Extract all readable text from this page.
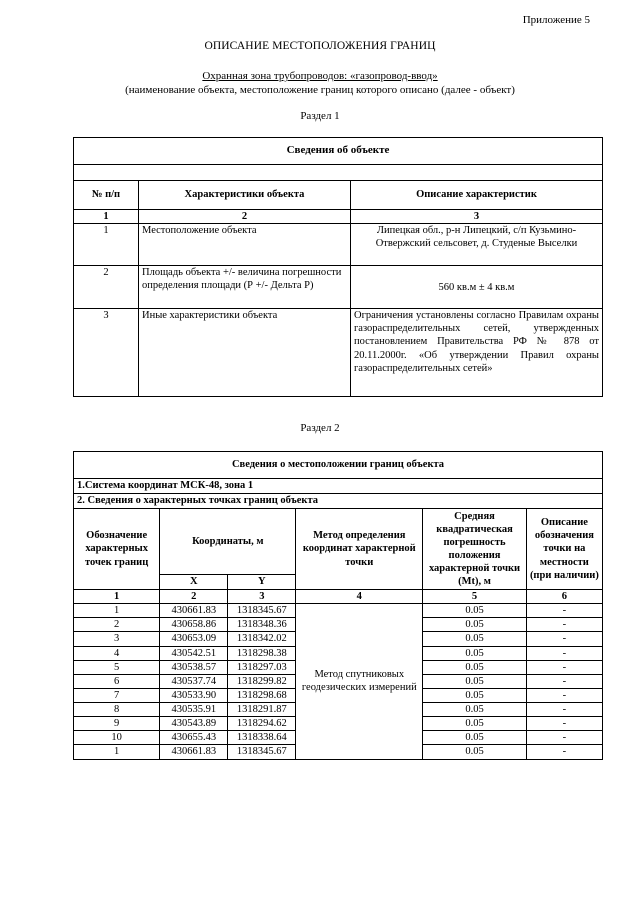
Приложение 5
ОПИСАНИЕ МЕСТОПОЛОЖЕНИЯ ГРАНИЦ
Охранная зона трубопроводов: «газопровод-ввод»
(наименование объекта, местоположение границ которого описано (далее - объект)
Раздел 1
Сведения об объекте		

№ п/п	Характеристики объекта	Описание характеристик
1	2	3
1	Местоположение объекта	Липецкая обл., р-н Липецкий, с/п Кузьмино-Отвержский сельсовет, д. Студеные Выселки
2	Площадь объекта +/- величина погрешности определения площади (Р +/- Дельта Р)	560 кв.м ± 4 кв.м
3	Иные характеристики объекта	Ограничения установлены согласно Правилам охраны газораспределительных сетей, утвержденных постановлением Правительства РФ № 878 от 20.11.2000г. «Об утверждении Правил охраны газораспределительных сетей»
Раздел 2
Сведения о местоположении границ объекта					
1.Система координат МСК-48, зона 1					
2. Сведения о характерных точках границ объекта					
Обозначение характерных точек границ	Координаты, м		Метод определения координат характерной точки	Средняя квадратическая погрешность положения характерной точки (Mt), м	Описание обозначения точки на местности (при наличии)
	X	Y			
1	2	3	4	5	6
1	430661.83	1318345.67	Метод спутниковых геодезических измерений	0.05	-
2	430658.86	1318348.36		0.05	-
3	430653.09	1318342.02		0.05	-
4	430542.51	1318298.38		0.05	-
5	430538.57	1318297.03		0.05	-
6	430537.74	1318299.82		0.05	-
7	430533.90	1318298.68		0.05	-
8	430535.91	1318291.87		0.05	-
9	430543.89	1318294.62		0.05	-
10	430655.43	1318338.64		0.05	-
1	430661.83	1318345.67		0.05	-
